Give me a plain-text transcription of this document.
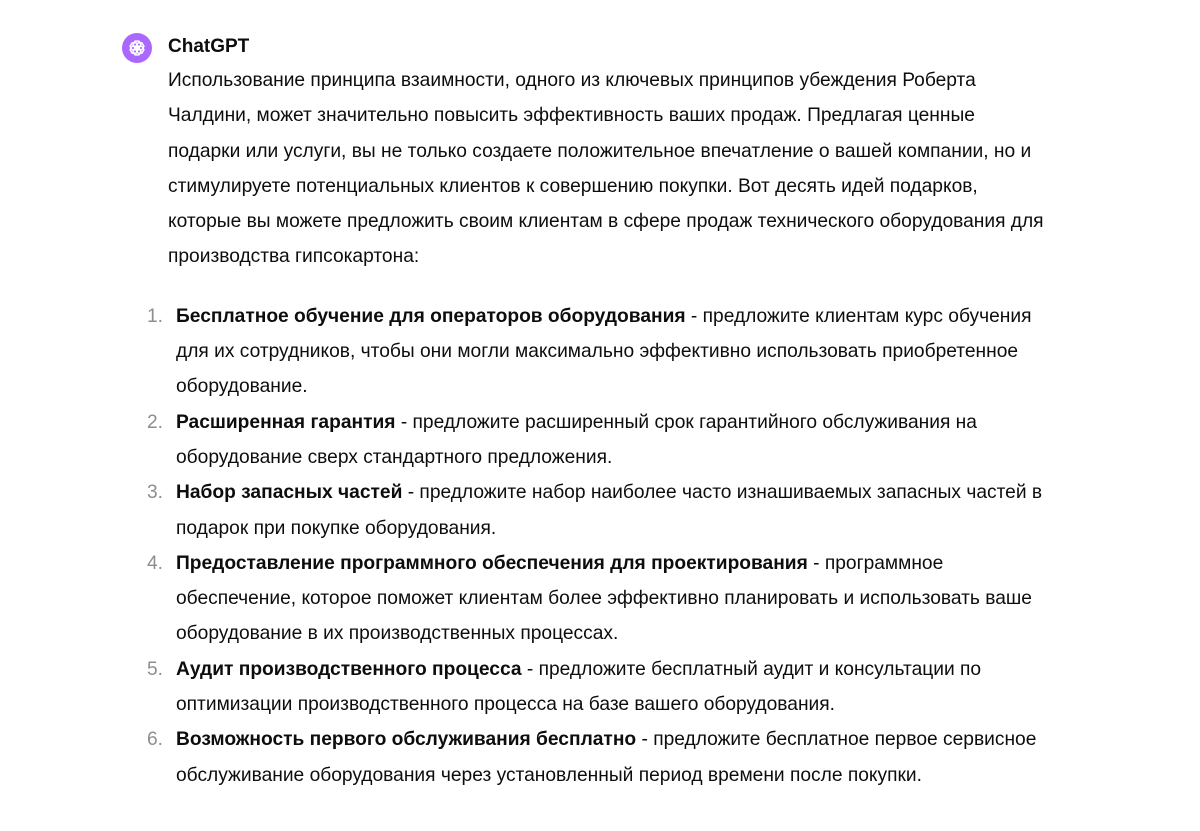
ChatGPT

Использование принципа взаимности, одного из ключевых принципов убеждения Роберта Чалдини, может значительно повысить эффективность ваших продаж. Предлагая ценные подарки или услуги, вы не только создаете положительное впечатление о вашей компании, но и стимулируете потенциальных клиентов к совершению покупки. Вот десять идей подарков, которые вы можете предложить своим клиентам в сфере продаж технического оборудования для производства гипсокартона:

1. Бесплатное обучение для операторов оборудования - предложите клиентам курс обучения для их сотрудников, чтобы они могли максимально эффективно использовать приобретенное оборудование.
2. Расширенная гарантия - предложите расширенный срок гарантийного обслуживания на оборудование сверх стандартного предложения.
3. Набор запасных частей - предложите набор наиболее часто изнашиваемых запасных частей в подарок при покупке оборудования.
4. Предоставление программного обеспечения для проектирования - программное обеспечение, которое поможет клиентам более эффективно планировать и использовать ваше оборудование в их производственных процессах.
5. Аудит производственного процесса - предложите бесплатный аудит и консультации по оптимизации производственного процесса на базе вашего оборудования.
6. Возможность первого обслуживания бесплатно - предложите бесплатное первое сервисное обслуживание оборудования через установленный период времени после покупки.
